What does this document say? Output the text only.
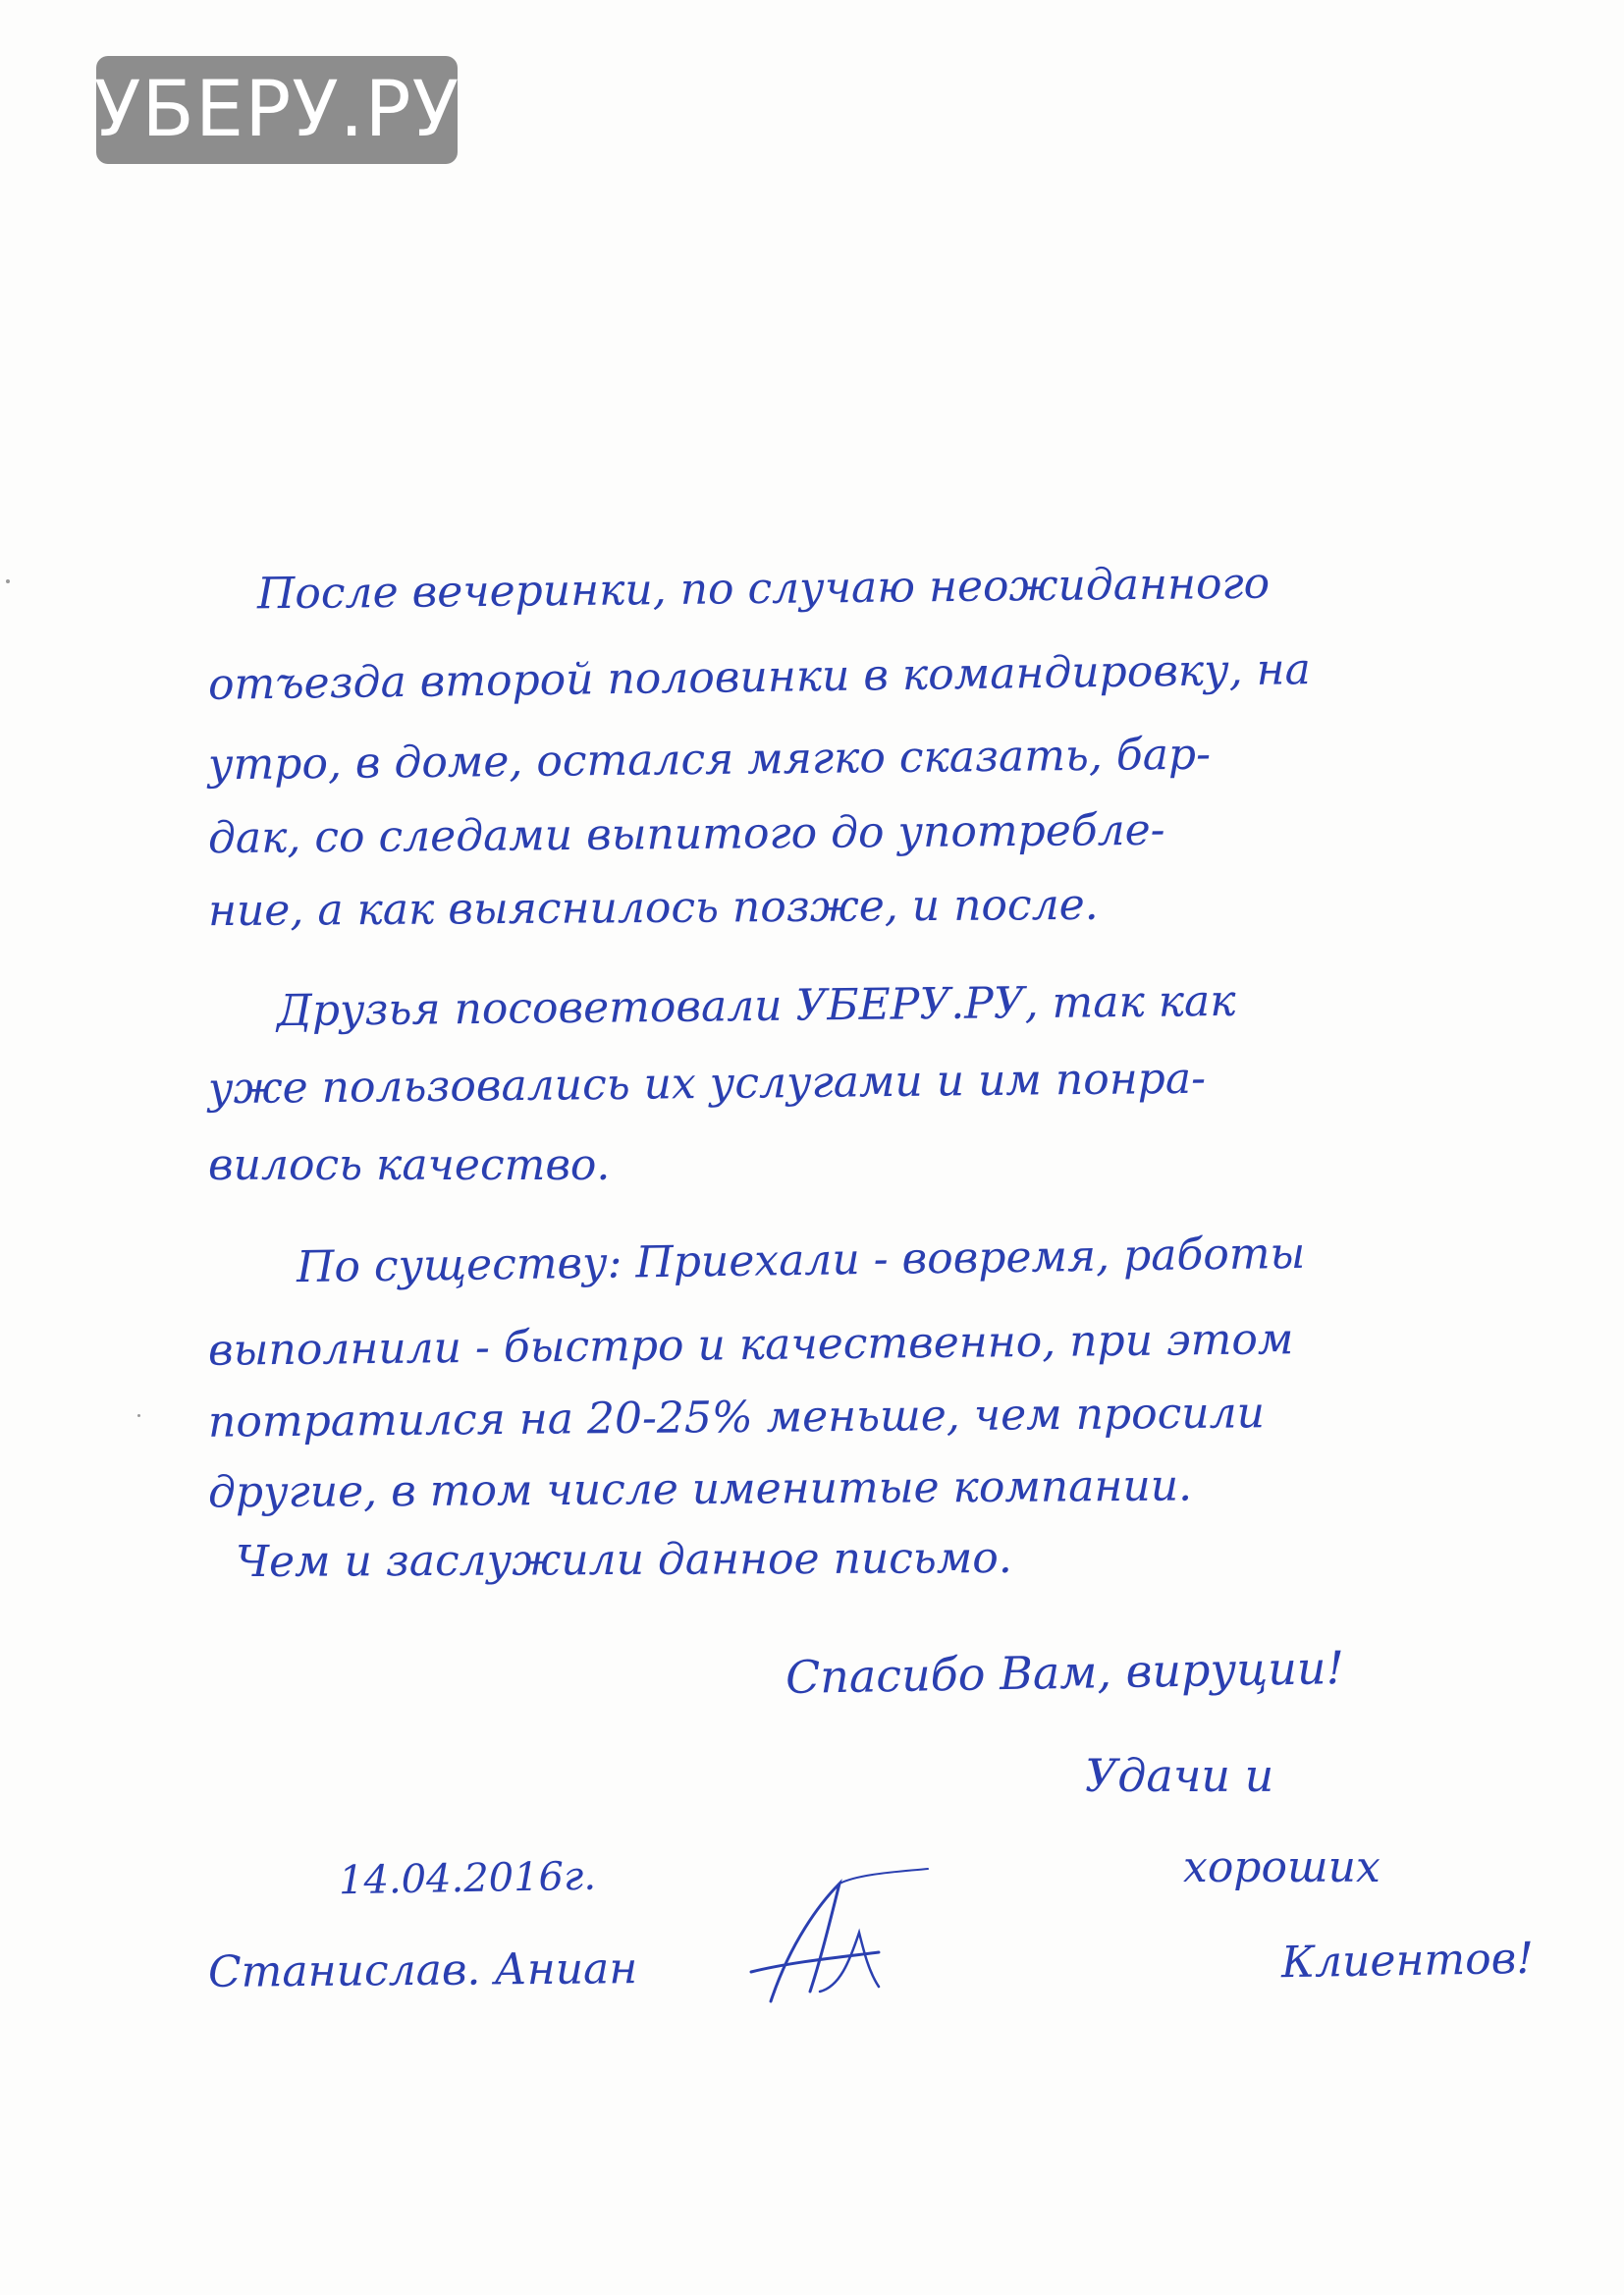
УБЕРУ.РУ
После вечеринки, по случаю неожиданного
отъезда второй половинки в командировку, на
утро, в доме, остался мягко сказать, бар-
дак, со следами выпитого до употребле-
ние, а как выяснилось позже, и после.
Друзья посоветовали УБЕРУ.РУ, так как
уже пользовались их услугами и им понра-
вилось качество.
По существу: Приехали - вовремя, работы
выполнили - быстро и качественно, при этом
потратился на 20-25% меньше, чем просили
другие, в том числе именитые компании.
Чем и заслужили данное письмо.
Спасибо Вам, вируции!
Удачи и
хороших
Клиентов!
14.04.2016г.
Станислав. Аниан
